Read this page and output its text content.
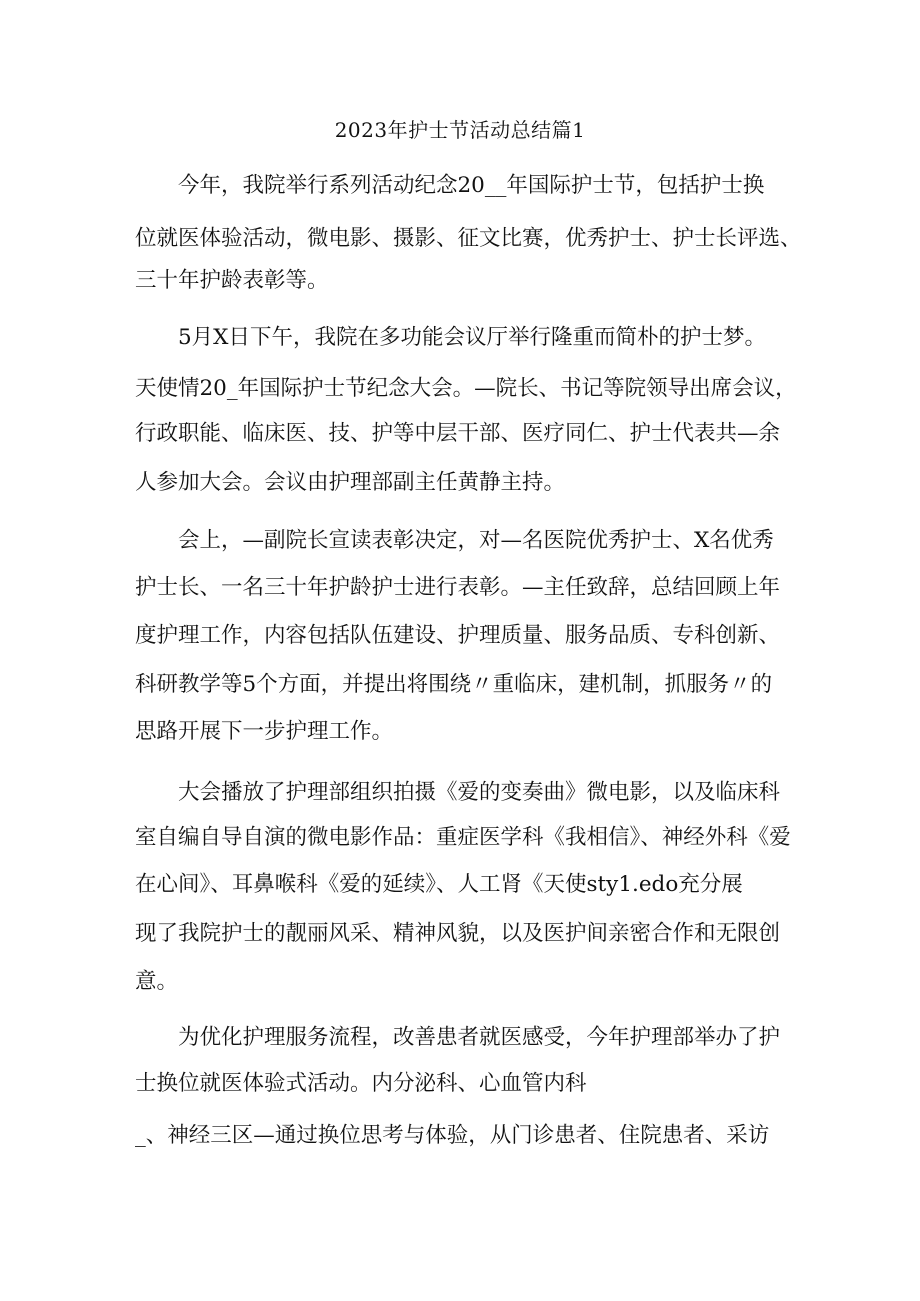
2023年护士节活动总结篇1
今年，我院举行系列活动纪念20__年国际护士节，包括护士换
位就医体验活动，微电影、摄影、征文比赛，优秀护士、护士长评选、
三十年护龄表彰等。
5月X日下午，我院在多功能会议厅举行隆重而简朴的护士梦。
天使情20_年国际护士节纪念大会。—院长、书记等院领导出席会议，
行政职能、临床医、技、护等中层干部、医疗同仁、护士代表共—余
人参加大会。会议由护理部副主任黄静主持。
会上，—副院长宣读表彰决定，对—名医院优秀护士、X名优秀
护士长、一名三十年护龄护士进行表彰。—主任致辞，总结回顾上年
度护理工作，内容包括队伍建设、护理质量、服务品质、专科创新、
科研教学等5个方面，并提出将围绕〃重临床，建机制，抓服务〃的
思路开展下一步护理工作。
大会播放了护理部组织拍摄《爱的变奏曲》微电影，以及临床科
室自编自导自演的微电影作品：重症医学科《我相信》、神经外科《爱
在心间》、耳鼻喉科《爱的延续》、人工肾《天使sty1.edo充分展
现了我院护士的靓丽风采、精神风貌，以及医护间亲密合作和无限创
意。
为优化护理服务流程，改善患者就医感受，今年护理部举办了护
士换位就医体验式活动。内分泌科、心血管内科
_、神经三区—通过换位思考与体验，从门诊患者、住院患者、采访
